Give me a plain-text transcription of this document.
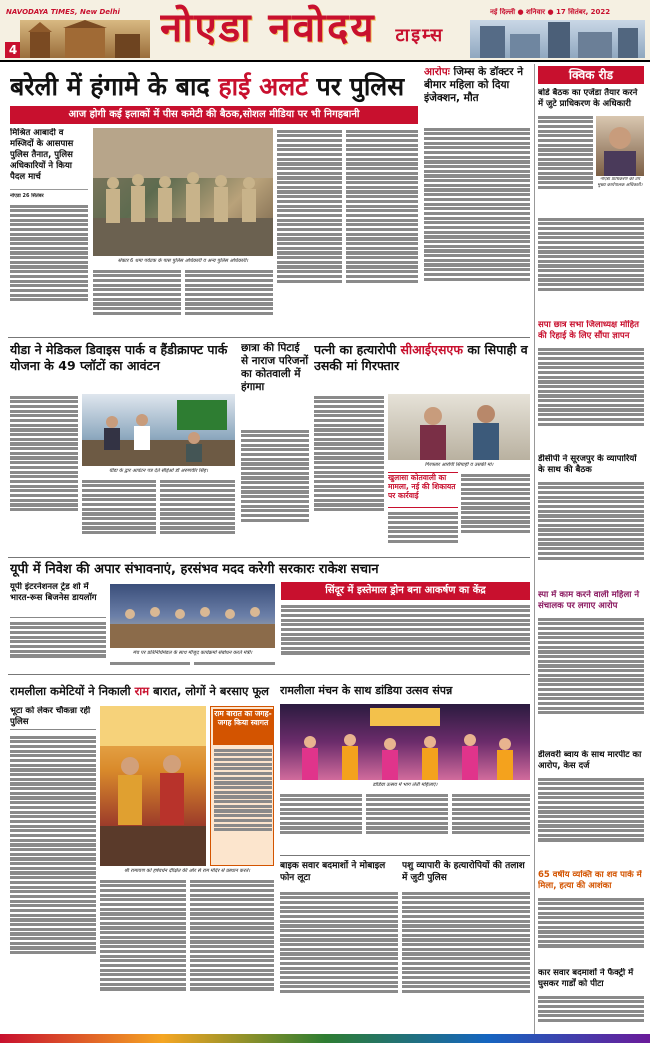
4
NAVODAYA TIMES, New Delhi	नोएडा नवोदय टाइम्स
नई दिल्ली ● शनिवार ● 17 सितंबर, 2022
बरेली में हंगामे के बाद हाई अलर्ट पर पुलिस
आज होगी कई इलाकों में पीस कमेटी की बैठक,सोशल मीडिया पर भी निगहबानी
मिश्रित आबादी व मस्जिदों के आसपास पुलिस तैनात, पुलिस अधिकारियों ने किया पैदल मार्च
नोएडा 26 सितंबर
सेक्टर 6 धमा पर्यटक के पास पुलिस अधिकारी व अन्य पुलिस अधिकारी।
आरोपः जिम्स के डॉक्टर ने बीमार महिला को दिया इंजेक्शन, मौत
क्विक रीड
बोर्ड बैठक का एजेंडा तैयार करने में जुटे प्राधिकरण के अधिकारी
नोएडा प्राधिकरण की उप मुख्य कार्यपालक अधिकारी।
सपा छात्र सभा जिलाध्यक्ष मोहित की रिहाई के लिए सौंपा ज्ञापन
डीसीपी ने सूरजपुर के व्यापारियों के साथ की बैठक
स्पा में काम करने वाली महिला ने संचालक पर लगाए आरोप
डीलवरी ब्वाय के साथ मारपीट का आरोप, केस दर्ज
65 वर्षीय व्यक्ति का शव पार्क में मिला, हत्या की आशंका
कार सवार बदमाशों ने फैक्ट्री में घुसकर गार्डों को पीटा
यीडा ने मेडिकल डिवाइस पार्क व हैंडीक्राफ्ट पार्क योजना के 49 प्लॉटों का आवंटन
यीडा के द्वार आवंटन पत्र देते सीईओ डॉ अरुणवीर सिंह।
छात्रा की पिटाई से नाराज परिजनों का कोतवाली में हंगामा
पत्नी का हत्यारोपी सीआईएसएफ का सिपाही व उसकी मां गिरफ्तार
गिरफ्तार आरोपी सिपाही व उसकी मां।
खुलासा कोतवाली का मामला, नई की शिकायत पर कार्रवाई
यूपी में निवेश की अपार संभावनाएं, हरसंभव मदद करेगी सरकारः राकेश सचान
यूपी इंटरनेशनल ट्रेड शो में भारत-रूस बिजनेस डायलॉग
मंच पर प्रतिनिधिमंडल के साथ मौजूद कार्यक्रमों संबोधन करते मंत्री।
सिंदूर में इस्तेमाल ड्रोन बना आकर्षण का केंद्र
रामलीला कमेटियों ने निकाली राम बारात, लोगों ने बरसाए फूल
भूटा को लेकर चौकन्ना रही पुलिस
श्री रामायण को हर्षवर्धन दीक्षित की ओर से राम मंदिर से प्रस्थान करते।
राम बारात का जगह-जगह किया स्वागत
रामलीला मंचन के साथ डांडिया उत्सव संपन्न
डांडिया उत्सव में भाग लेती महिलाएं।
बाइक सवार बदमाशों ने मोबाइल फोन लूटा
पशु व्यापारी के हत्यारोपियों की तलाश में जुटी पुलिस
